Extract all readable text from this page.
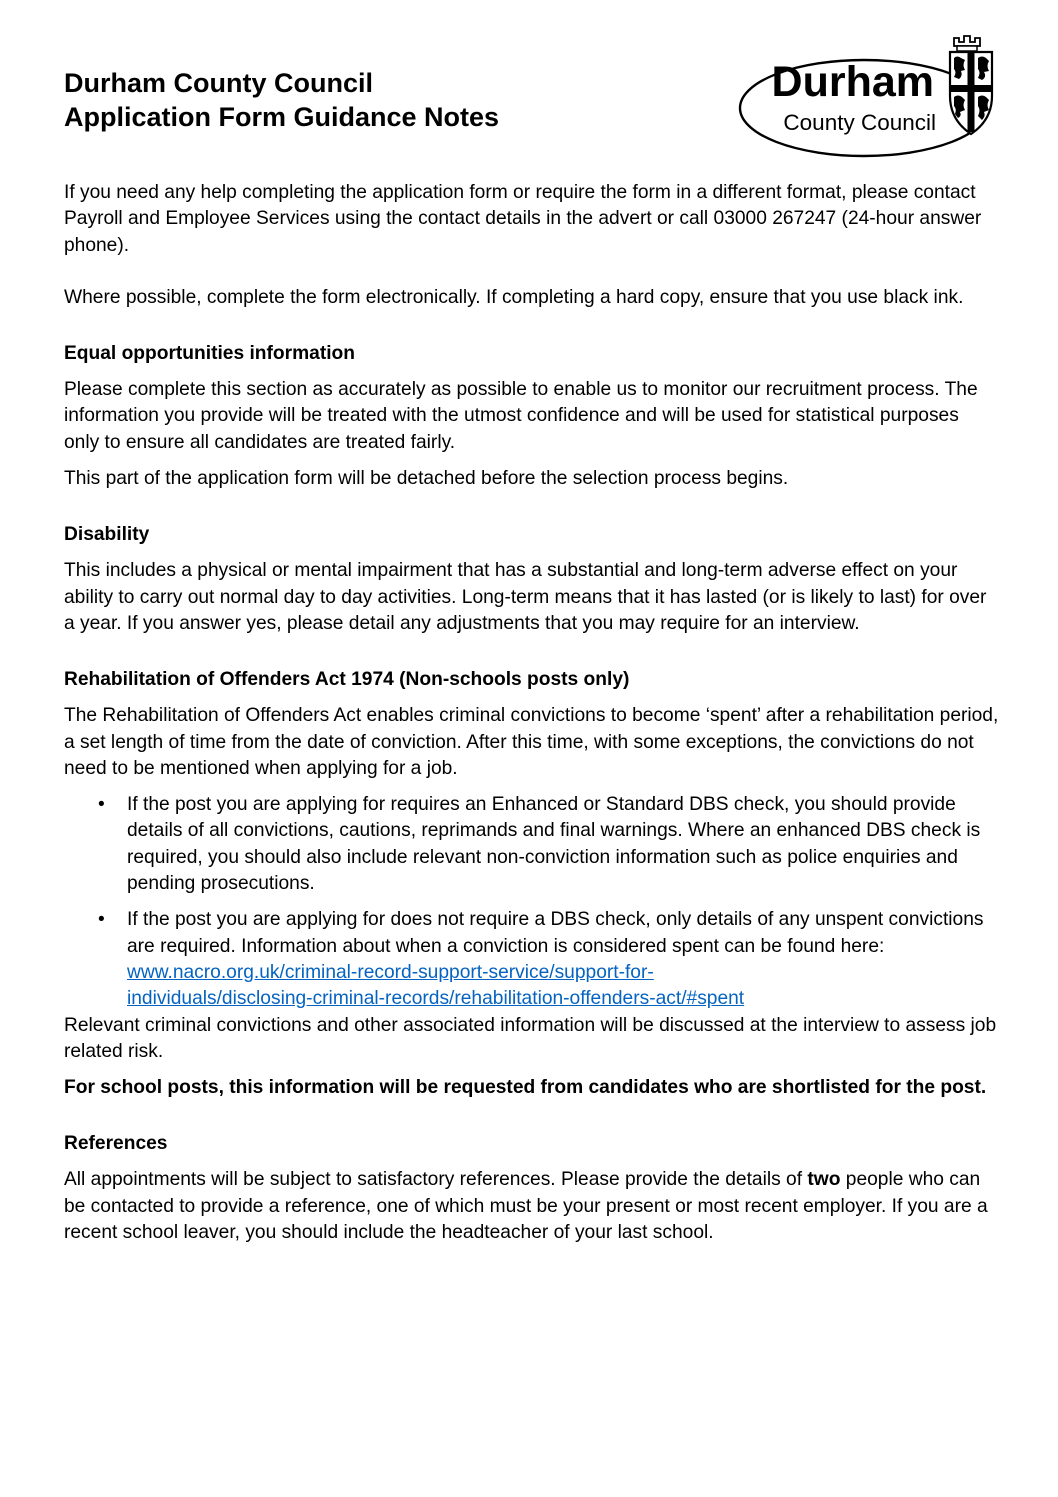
Durham County Council
Application Form Guidance Notes
Durham
County Council

If you need any help completing the application form or require the form in a different format, please contact Payroll and Employee Services using the contact details in the advert or call 03000 267247 (24-hour answer phone).

Where possible, complete the form electronically. If completing a hard copy, ensure that you use black ink.

Equal opportunities information

Please complete this section as accurately as possible to enable us to monitor our recruitment process. The information you provide will be treated with the utmost confidence and will be used for statistical purposes only to ensure all candidates are treated fairly.

This part of the application form will be detached before the selection process begins.

Disability

This includes a physical or mental impairment that has a substantial and long-term adverse effect on your ability to carry out normal day to day activities. Long-term means that it has lasted (or is likely to last) for over a year. If you answer yes, please detail any adjustments that you may require for an interview.

Rehabilitation of Offenders Act 1974 (Non-schools posts only)

The Rehabilitation of Offenders Act enables criminal convictions to become ‘spent’ after a rehabilitation period, a set length of time from the date of conviction. After this time, with some exceptions, the convictions do not need to be mentioned when applying for a job.

• If the post you are applying for requires an Enhanced or Standard DBS check, you should provide details of all convictions, cautions, reprimands and final warnings. Where an enhanced DBS check is required, you should also include relevant non-conviction information such as police enquiries and pending prosecutions.
• If the post you are applying for does not require a DBS check, only details of any unspent convictions are required. Information about when a conviction is considered spent can be found here: www.nacro.org.uk/criminal-record-support-service/support-for-
individuals/disclosing-criminal-records/rehabilitation-offenders-act/#spent

Relevant criminal convictions and other associated information will be discussed at the interview to assess job related risk.

For school posts, this information will be requested from candidates who are shortlisted for the post.

References

All appointments will be subject to satisfactory references. Please provide the details of two people who can be contacted to provide a reference, one of which must be your present or most recent employer. If you are a recent school leaver, you should include the headteacher of your last school.
